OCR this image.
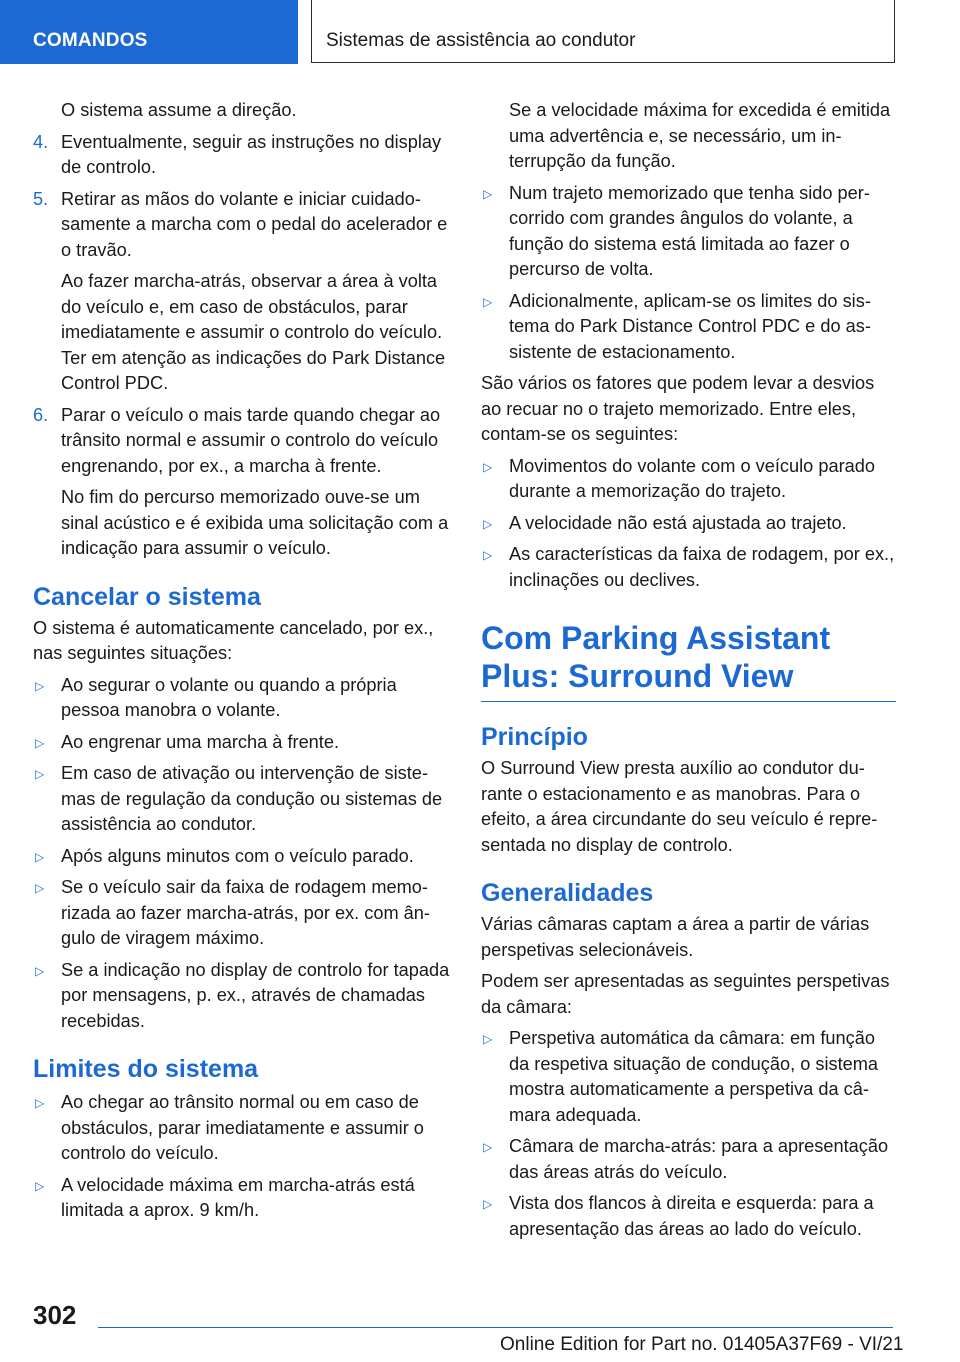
COMANDOS	Sistemas de assistência ao condutor

O sistema assume a direção.

4. Eventualmente, seguir as instruções no display de controlo.
5. Retirar as mãos do volante e iniciar cuidadosamente a marcha com o pedal do acelerador e o travão.

Ao fazer marcha-atrás, observar a área à volta do veículo e, em caso de obstáculos, parar imediatamente e assumir o controlo do veículo. Ter em atenção as indicações do Park Distance Control PDC.

6. Parar o veículo o mais tarde quando chegar ao trânsito normal e assumir o controlo do veículo engrenando, por ex., a marcha à frente.

No fim do percurso memorizado ouve-se um sinal acústico e é exibida uma solicitação com a indicação para assumir o veículo.

Cancelar o sistema

O sistema é automaticamente cancelado, por ex., nas seguintes situações:

▷ Ao segurar o volante ou quando a própria pessoa manobra o volante.
▷ Ao engrenar uma marcha à frente.
▷ Em caso de ativação ou intervenção de sistemas de regulação da condução ou sistemas de assistência ao condutor.
▷ Após alguns minutos com o veículo parado.
▷ Se o veículo sair da faixa de rodagem memorizada ao fazer marcha-atrás, por ex. com ângulo de viragem máximo.
▷ Se a indicação no display de controlo for tapada por mensagens, p. ex., através de chamadas recebidas.
Limites do sistema
▷ Ao chegar ao trânsito normal ou em caso de obstáculos, parar imediatamente e assumir o controlo do veículo.
▷ A velocidade máxima em marcha-atrás está limitada a aprox. 9 km/h.

Se a velocidade máxima for excedida é emitida uma advertência e, se necessário, um interrupção da função.

▷ Num trajeto memorizado que tenha sido percorrido com grandes ângulos do volante, a função do sistema está limitada ao fazer o percurso de volta.
▷ Adicionalmente, aplicam-se os limites do sistema do Park Distance Control PDC e do assistente de estacionamento.

São vários os fatores que podem levar a desvios ao recuar no o trajeto memorizado. Entre eles, contam-se os seguintes:

▷ Movimentos do volante com o veículo parado durante a memorização do trajeto.
▷ A velocidade não está ajustada ao trajeto.
▷ As características da faixa de rodagem, por ex., inclinações ou declives.
Com Parking Assistant Plus: Surround View
Princípio

O Surround View presta auxílio ao condutor durante o estacionamento e as manobras. Para o efeito, a área circundante do seu veículo é representada no display de controlo.

Generalidades

Várias câmaras captam a área a partir de várias perspetivas selecionáveis.

Podem ser apresentadas as seguintes perspetivas da câmara:

▷ Perspetiva automática da câmara: em função da respetiva situação de condução, o sistema mostra automaticamente a perspetiva da câmara adequada.
▷ Câmara de marcha-atrás: para a apresentação das áreas atrás do veículo.
▷ Vista dos flancos à direita e esquerda: para a apresentação das áreas ao lado do veículo.
302
Online Edition for Part no. 01405A37F69 - VI/21
